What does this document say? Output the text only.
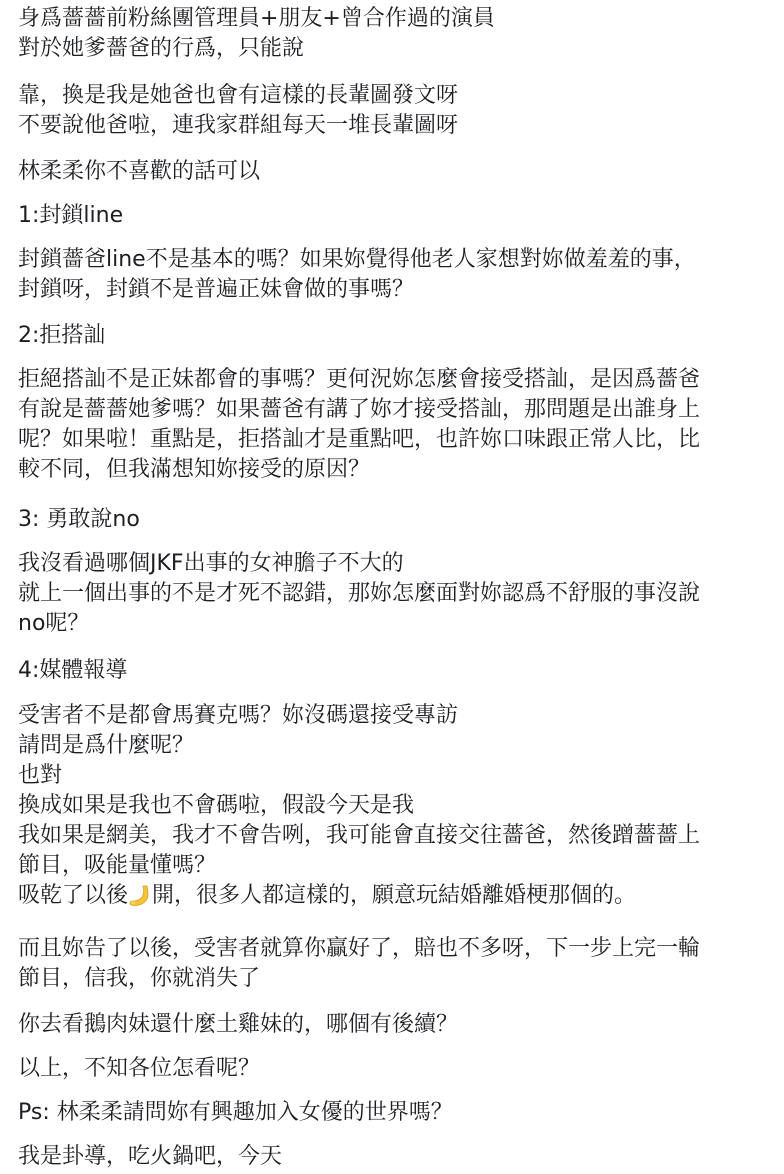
身爲薔薔前粉絲團管理員+朋友+曾合作過的演員
對於她爹薔爸的行爲，只能說
靠，換是我是她爸也會有這樣的長輩圖發文呀
不要說他爸啦，連我家群組每天一堆長輩圖呀
林柔柔你不喜歡的話可以
1:封鎖line
封鎖薔爸line不是基本的嗎？如果妳覺得他老人家想對妳做羞羞的事，
封鎖呀，封鎖不是普遍正妹會做的事嗎？
2:拒搭訕
拒絕搭訕不是正妹都會的事嗎？更何況妳怎麼會接受搭訕，是因爲薔爸
有說是薔薔她爹嗎？如果薔爸有講了妳才接受搭訕，那問題是出誰身上
呢？如果啦！重點是，拒搭訕才是重點吧，也許妳口味跟正常人比，比
較不同，但我滿想知妳接受的原因？
3: 勇敢說no
我沒看過哪個JKF出事的女神膽子不大的
就上一個出事的不是才死不認錯，那妳怎麼面對妳認爲不舒服的事沒說
no呢？
4:媒體報導
受害者不是都會馬賽克嗎？妳沒碼還接受專訪
請問是爲什麼呢？
也對
換成如果是我也不會碼啦，假設今天是我
我如果是網美，我才不會告咧，我可能會直接交往薔爸，然後蹭薔薔上
節目，吸能量懂嗎？
吸乾了以後 開，很多人都這樣的，願意玩結婚離婚梗那個的。
而且妳告了以後，受害者就算你贏好了，賠也不多呀，下一步上完一輪
節目，信我，你就消失了
你去看鵝肉妹還什麼土雞妹的，哪個有後續？
以上，不知各位怎看呢？
Ps: 林柔柔請問妳有興趣加入女優的世界嗎？
我是卦導，吃火鍋吧，今天
